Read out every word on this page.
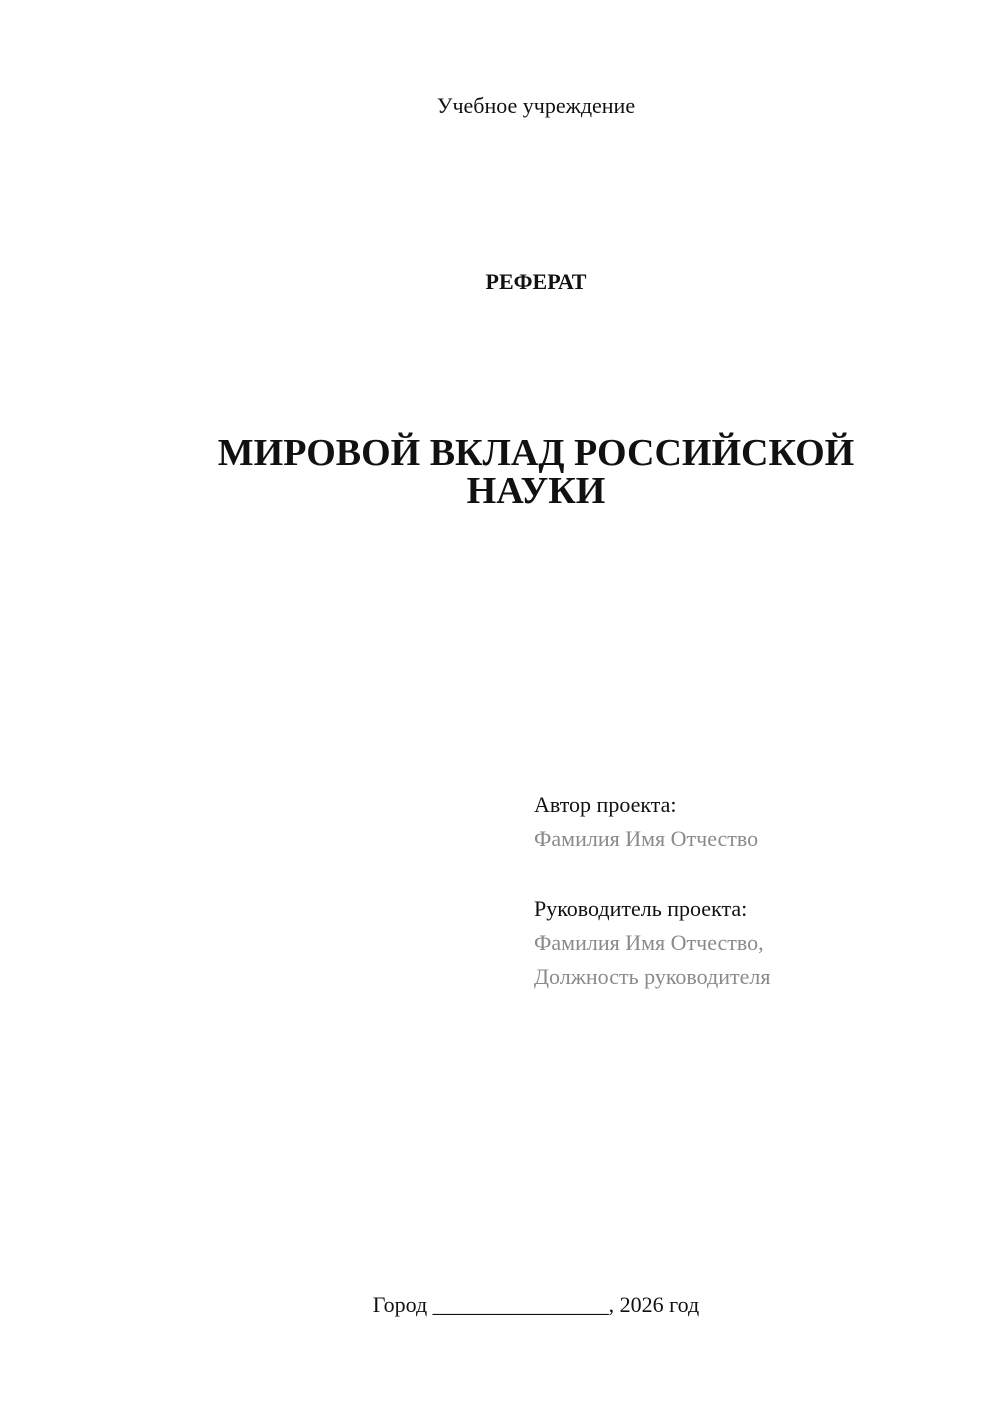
Учебное учреждение
РЕФЕРАТ
МИРОВОЙ ВКЛАД РОССИЙСКОЙ
НАУКИ
Автор проекта:
Фамилия Имя Отчество
Руководитель проекта:
Фамилия Имя Отчество,
Должность руководителя
Город ________________, 2026 год
